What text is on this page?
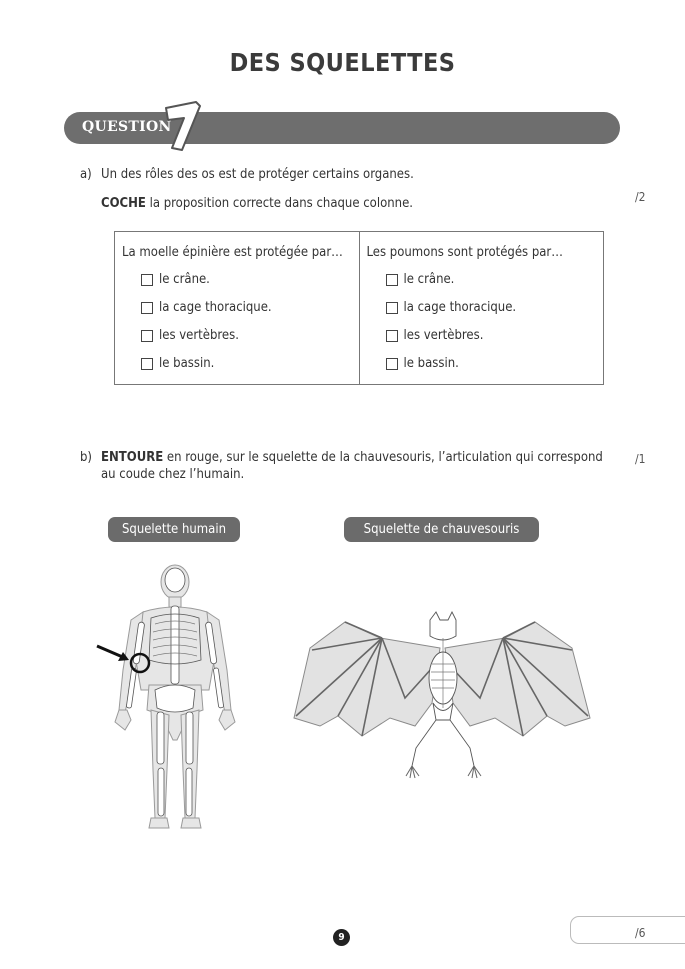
DES SQUELETTES
QUESTION
1
a) Un des rôles des os est de protéger certains organes.
COCHE la proposition correcte dans chaque colonne.	/2
La moelle épinière est protégée par…
le crâne.
la cage thoracique.
les vertèbres.
le bassin.

Les poumons sont protégés par…
le crâne.
la cage thoracique.
les vertèbres.
le bassin.
b) ENTOURE en rouge, sur le squelette de la chauvesouris, l’articulation qui correspond
au coude chez l’humain.
/1
Squelette humain	Squelette de chauvesouris
9	/6
